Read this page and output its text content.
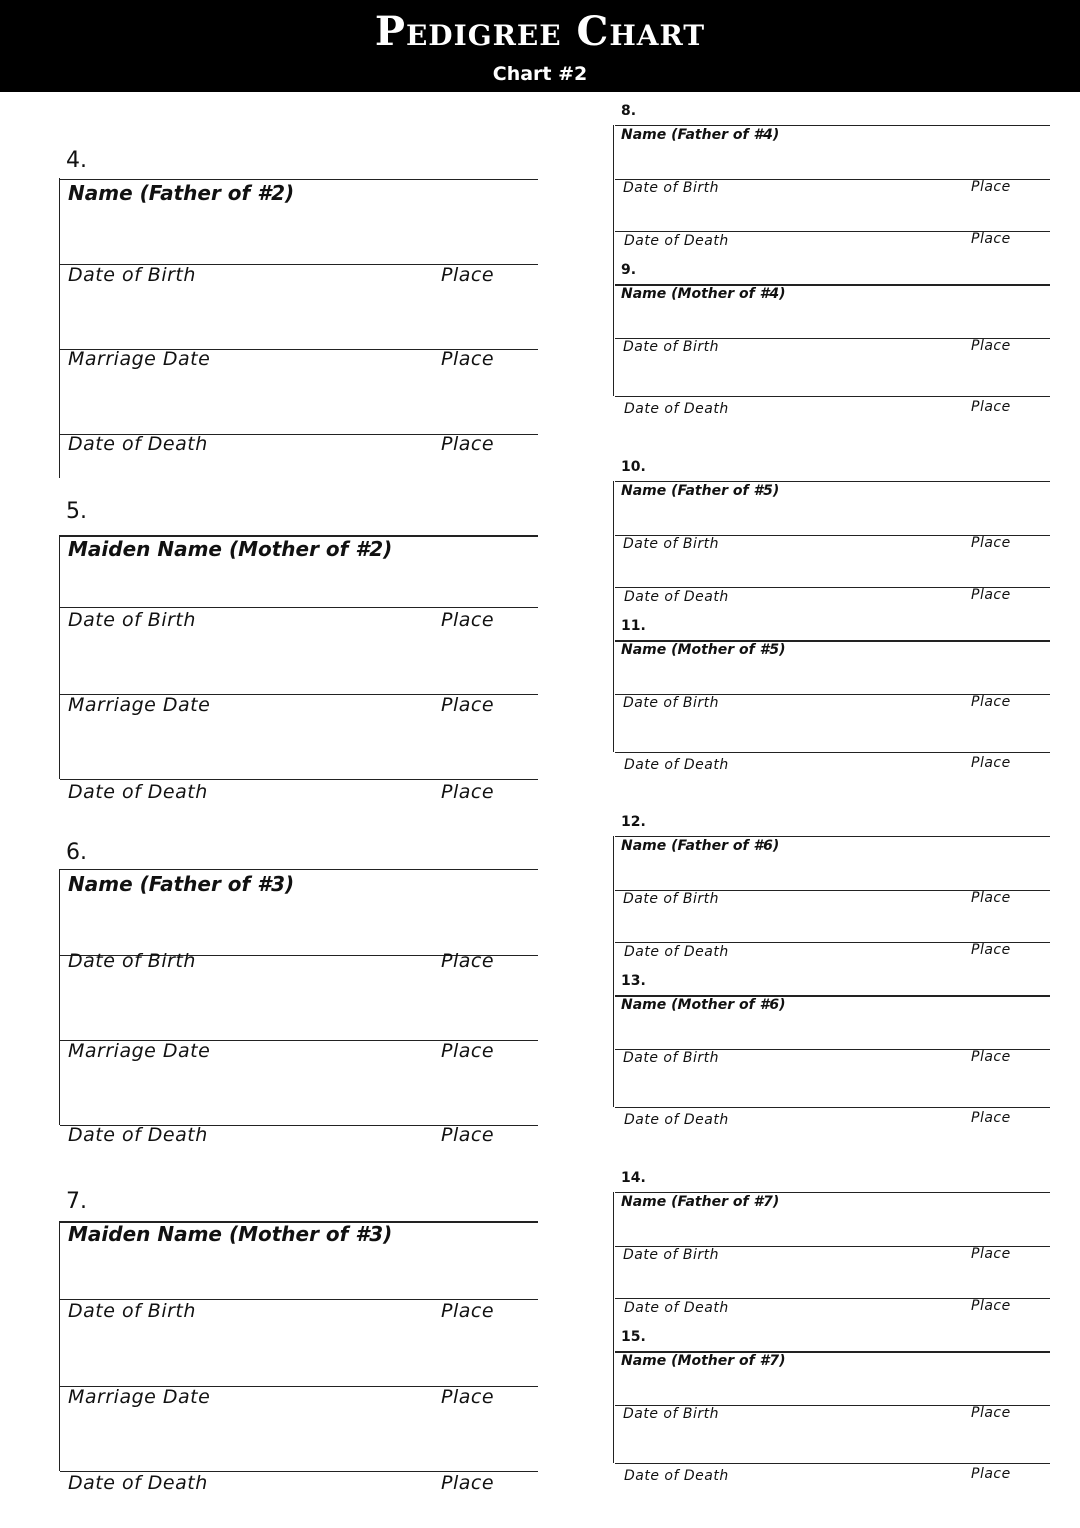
Pedigree Chart
Chart #2
4.
Name (Father of #2)
Date of Birth	Place
Marriage Date	Place
Date of Death	Place
5.
Maiden Name (Mother of #2)
Date of Birth	Place
Marriage Date	Place
Date of Death	Place
6.
Name (Father of #3)
Date of Birth	Place
Marriage Date	Place
Date of Death	Place
7.
Maiden Name (Mother of #3)
Date of Birth	Place
Marriage Date	Place
Date of Death	Place
8.
Name (Father of #4)
Date of Birth	Place
Date of Death	Place
9.
Name (Mother of #4)
Date of Birth	Place
Date of Death	Place
10.
Name (Father of #5)
Date of Birth	Place
Date of Death	Place
11.
Name (Mother of #5)
Date of Birth	Place
Date of Death	Place
12.
Name (Father of #6)
Date of Birth	Place
Date of Death	Place
13.
Name (Mother of #6)
Date of Birth	Place
Date of Death	Place
14.
Name (Father of #7)
Date of Birth	Place
Date of Death	Place
15.
Name (Mother of #7)
Date of Birth	Place
Date of Death	Place
